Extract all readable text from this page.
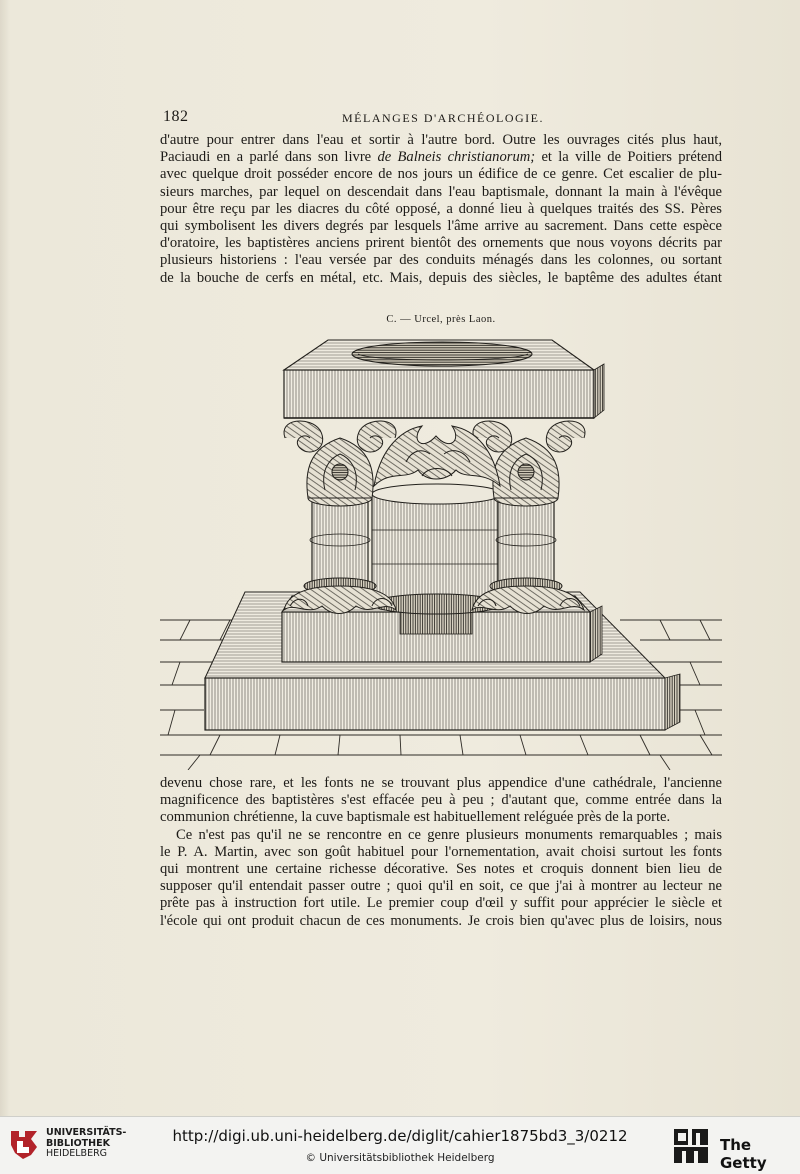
182	MÉLANGES D'ARCHÉOLOGIE.
d'autre pour entrer dans l'eau et sortir à l'autre bord. Outre les ouvrages cités plus haut,
Paciaudi en a parlé dans son livre de Balneis christianorum; et la ville de Poitiers prétend
avec quelque droit posséder encore de nos jours un édifice de ce genre. Cet escalier de plu-
sieurs marches, par lequel on descendait dans l'eau baptismale, donnant la main à l'évêque
pour être reçu par les diacres du côté opposé, a donné lieu à quelques traités des SS. Pères
qui symbolisent les divers degrés par lesquels l'âme arrive au sacrement. Dans cette espèce
d'oratoire, les baptistères anciens prirent bientôt des ornements que nous voyons décrits par
plusieurs historiens : l'eau versée par des conduits ménagés dans les colonnes, ou sortant
de la bouche de cerfs en métal, etc. Mais, depuis des siècles, le baptême des adultes étant
C. — Urcel, près Laon.
devenu chose rare, et les fonts ne se trouvant plus appendice d'une cathédrale, l'ancienne
magnificence des baptistères s'est effacée peu à peu ; d'autant que, comme entrée dans la
communion chrétienne, la cuve baptismale est habituellement reléguée près de la porte.
Ce n'est pas qu'il ne se rencontre en ce genre plusieurs monuments remarquables ; mais
le P. A. Martin, avec son goût habituel pour l'ornementation, avait choisi surtout les fonts
qui montrent une certaine richesse décorative. Ses notes et croquis donnent bien lieu de
supposer qu'il entendait passer outre ; quoi qu'il en soit, ce que j'ai à montrer au lecteur ne
prête pas à instruction fort utile. Le premier coup d'œil y suffit pour apprécier le siècle et
l'école qui ont produit chacun de ces monuments. Je crois bien qu'avec plus de loisirs, nous
UNIVERSITÄTS-
BIBLIOTHEK
HEIDELBERG
http://digi.ub.uni-heidelberg.de/diglit/cahier1875bd3_3/0212
© Universitätsbibliothek Heidelberg
The Getty
